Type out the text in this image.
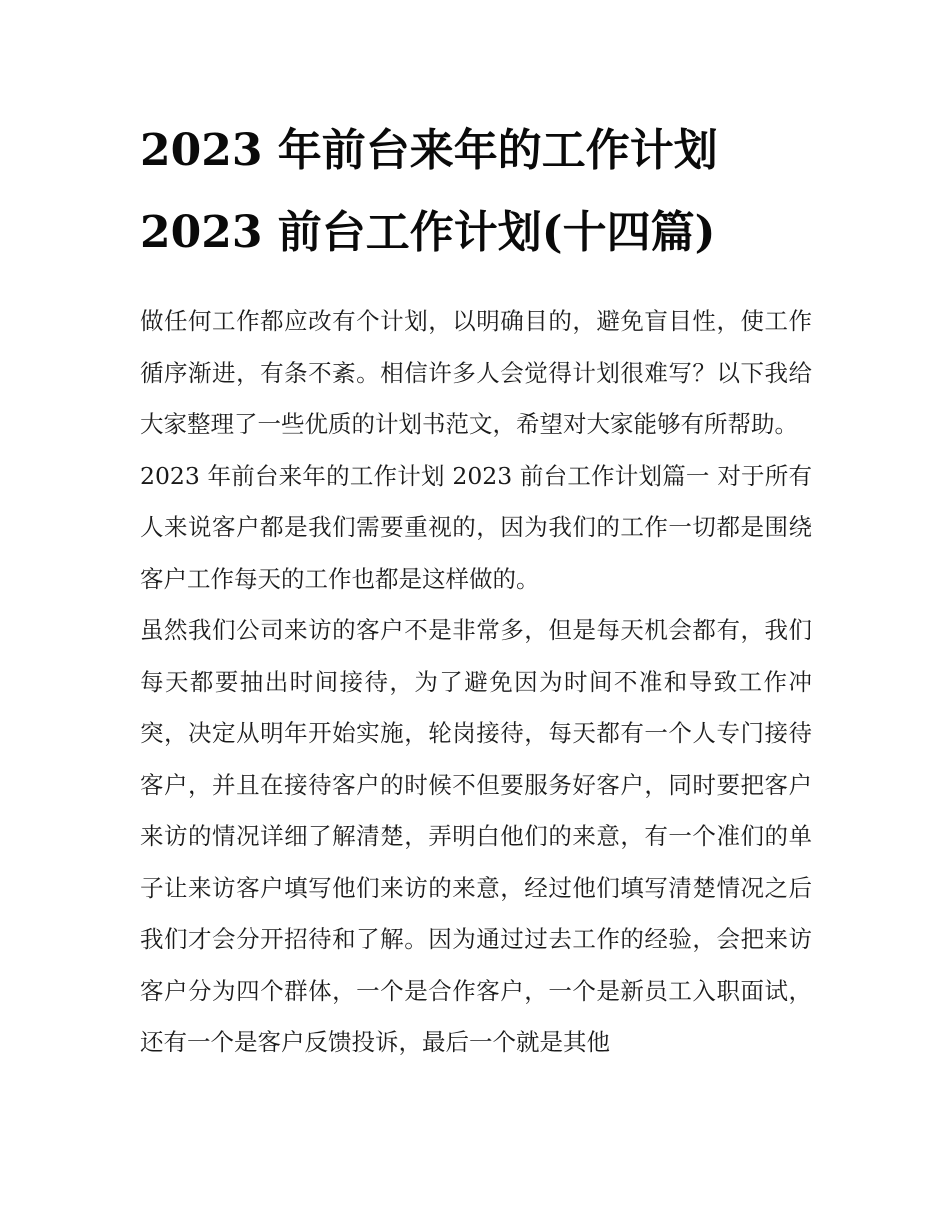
2023 年前台来年的工作计划
2023 前台工作计划(十四篇)

做任何工作都应改有个计划，以明确目的，避免盲目性，使工作循序渐进，有条不紊。相信许多人会觉得计划很难写？以下我给大家整理了一些优质的计划书范文，希望对大家能够有所帮助。

2023 年前台来年的工作计划 2023 前台工作计划篇一 对于所有人来说客户都是我们需要重视的，因为我们的工作一切都是围绕客户工作每天的工作也都是这样做的。

虽然我们公司来访的客户不是非常多，但是每天机会都有，我们每天都要抽出时间接待，为了避免因为时间不准和导致工作冲突，决定从明年开始实施，轮岗接待，每天都有一个人专门接待客户，并且在接待客户的时候不但要服务好客户，同时要把客户来访的情况详细了解清楚，弄明白他们的来意，有一个准们的单子让来访客户填写他们来访的来意，经过他们填写清楚情况之后我们才会分开招待和了解。因为通过过去工作的经验，会把来访客户分为四个群体，一个是合作客户，一个是新员工入职面试，还有一个是客户反馈投诉，最后一个就是其他
